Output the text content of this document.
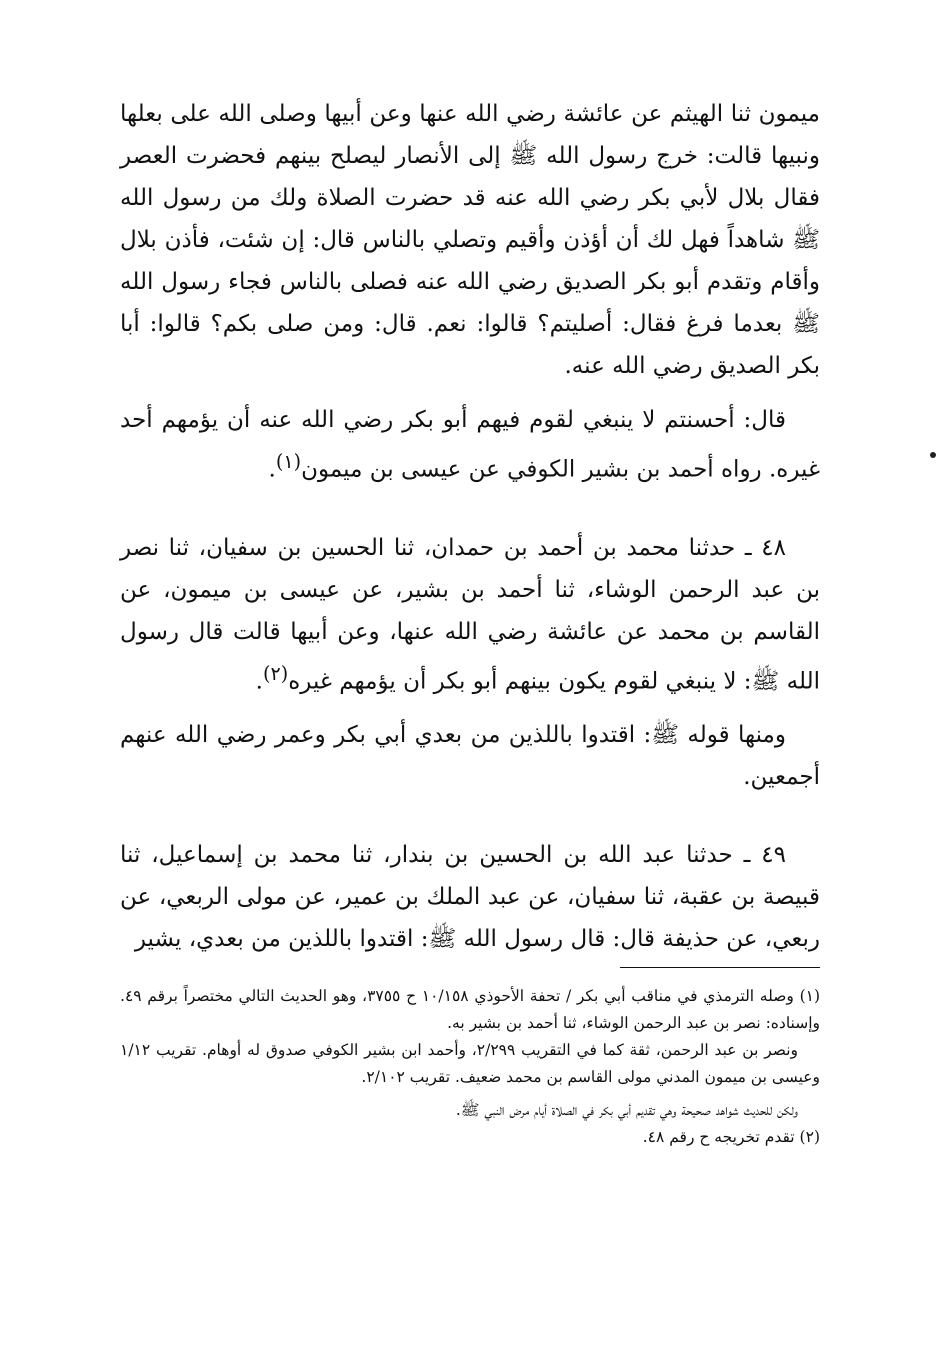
ميمون ثنا الهيثم عن عائشة رضي الله عنها وعن أبيها وصلى الله على بعلها ونبيها قالت: خرج رسول الله ﷺ إلى الأنصار ليصلح بينهم فحضرت العصر فقال بلال لأبي بكر رضي الله عنه قد حضرت الصلاة ولك من رسول الله ﷺ شاهداً فهل لك أن أؤذن وأقيم وتصلي بالناس قال: إن شئت، فأذن بلال وأقام وتقدم أبو بكر الصديق رضي الله عنه فصلى بالناس فجاء رسول الله ﷺ بعدما فرغ فقال: أصليتم؟ قالوا: نعم. قال: ومن صلى بكم؟ قالوا: أبا بكر الصديق رضي الله عنه.

قال: أحسنتم لا ينبغي لقوم فيهم أبو بكر رضي الله عنه أن يؤمهم أحد غيره. رواه أحمد بن بشير الكوفي عن عيسى بن ميمون$^{(١)}$.

٤٨ ـ حدثنا محمد بن أحمد بن حمدان، ثنا الحسين بن سفيان، ثنا نصر بن عبد الرحمن الوشاء، ثنا أحمد بن بشير، عن عيسى بن ميمون، عن القاسم بن محمد عن عائشة رضي الله عنها، وعن أبيها قالت قال رسول الله ﷺ: لا ينبغي لقوم يكون بينهم أبو بكر أن يؤمهم غيره$^{(٢)}$.

ومنها قوله ﷺ: اقتدوا باللذين من بعدي أبي بكر وعمر رضي الله عنهم أجمعين.

٤٩ ـ حدثنا عبد الله بن الحسين بن بندار، ثنا محمد بن إسماعيل، ثنا قبيصة بن عقبة، ثنا سفيان، عن عبد الملك بن عمير، عن مولى الربعي، عن ربعي، عن حذيفة قال: قال رسول الله ﷺ: اقتدوا باللذين من بعدي، يشير

(١) وصله الترمذي في مناقب أبي بكر / تحفة الأحوذي ١٠/١٥٨ ح ٣٧٥٥، وهو الحديث التالي مختصراً برقم ٤٩. وإسناده: نصر بن عبد الرحمن الوشاء، ثنا أحمد بن بشير به.

ونصر بن عبد الرحمن، ثقة كما في التقريب ٢/٢٩٩، وأحمد ابن بشير الكوفي صدوق له أوهام. تقريب ١/١٢ وعيسى بن ميمون المدني مولى القاسم بن محمد ضعيف. تقريب ٢/١٠٢.

ولكن للحديث شواهد صحيحة وهي تقديم أبي بكر في الصلاة أيام مرض النبي ﷺ.

(٢) تقدم تخريجه ح رقم ٤٨.
